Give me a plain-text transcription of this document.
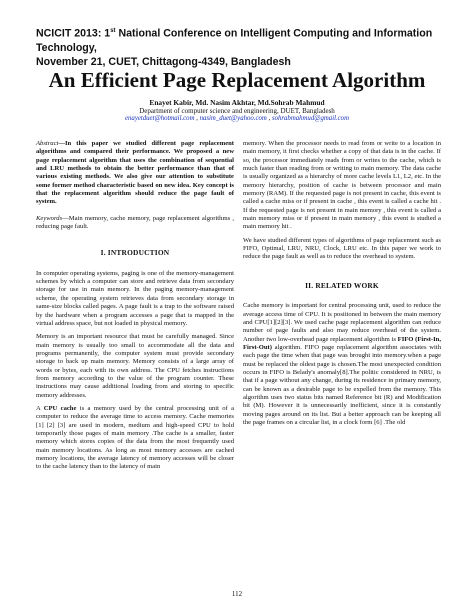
NCICIT 2013: 1st National Conference on Intelligent Computing and Information Technology,
November 21, CUET, Chittagong-4349, Bangladesh

An Efficient Page Replacement Algorithm
Enayet Kabir, Md. Nasim Akhtar, Md.Sohrab Mahmud
Department of computer science and engineering, DUET, Bangladesh
enayetduet@hotmail.com , nasim_duet@yahoo.com , sohrabmahmud@gmail.com

Abstract—In this paper we studied different page replacement algorithms and compared their performance. We proposed a new page replacement algorithm that uses the combination of sequential and LRU methods to obtain the better performance than that of various existing methods. We also give our attention to substitute some former method characteristic based on new idea. Key concept is that the replacement algorithm should reduce the page fault of system.

Keywords—Main memory, cache memory, page replacement algorithms , reducing page fault.

I. INTRODUCTION

In computer operating systems, paging is one of the memory-management schemes by which a computer can store and retrieve data from secondary storage for use in main memory. In the paging memory-management scheme, the operating system retrieves data from secondary storage in same-size blocks called pages. A page fault is a trap to the software raised by the hardware when a program accesses a page that is mapped in the virtual address space, but not loaded in physical memory.

Memory is an important resource that must be carefully managed. Since main memory is usually too small to accommodate all the data and programs permanently, the computer system must provide secondary storage to back up main memory. Memory consists of a large array of words or bytes, each with its own address. The CPU fetches instructions from memory according to the value of the program counter. These instructions may cause additional loading from and storing to specific memory addresses.

A CPU cache is a memory used by the central processing unit of a computer to reduce the average time to access memory. Cache memories [1] [2] [3] are used in modern, medium and high-speed CPU to hold temporarily those pages of main memory .The cache is a smaller, faster memory which stores copies of the data from the most frequently used main memory locations. As long as most memory accesses are cached memory locations, the average latency of memory accesses will be closer to the cache latency than to the latency of main

memory. When the processor needs to read from or write to a location in main memory, it first checks whether a copy of that data is in the cache. If so, the processor immediately reads from or writes to the cache, which is much faster than reading from or writing to main memory. The data cache is usually organized as a hierarchy of more cache levels L1, L2, etc. In the memory hierarchy, position of cache is between processor and main memory (RAM). If the requested page is not present in cache, this event is called a cache miss or if present in cache , this event is called a cache hit . If the requested page is not present in main memory , this event is called a main memory miss or if present in main memory , this event is studied a main memory hit .

We have studied different types of algorithms of page replacement such as FIFO, Optimal, LRU, NRU, Clock, LRU etc. In this paper we work to reduce the page fault as well as to reduce the overhead to system.

II. RELATED WORK

Cache memory is important for central processing unit, used to reduce the average access time of CPU. It is positioned in between the main memory and CPU[1][2][3]. We used cache page replacement algorithm can reduce number of page faults and also may reduce overhead of the system. Another two low-overhead page replacement algorithm is FIFO (First-In, First-Out) algorithm. FIFO page replacement algorithm associates with each page the time when that page was brought into memory.when a page must be replaced the oldest page is chosen.The most unexpected condition occurs in FIFO is Belady's anomaly[8].The politic considered in NRU, is that if a page without any change, during its residence in primary memory, can be known as a desirable page to be expelled from the memory. This algorithm uses two status bits named Reference bit (R) and Modification bit (M). However it is unnecessarily inefficient, since it is constantly moving pages around on its list. But a better approach can be keeping all the page frames on a circular list, in a clock form [6] .The old

112
